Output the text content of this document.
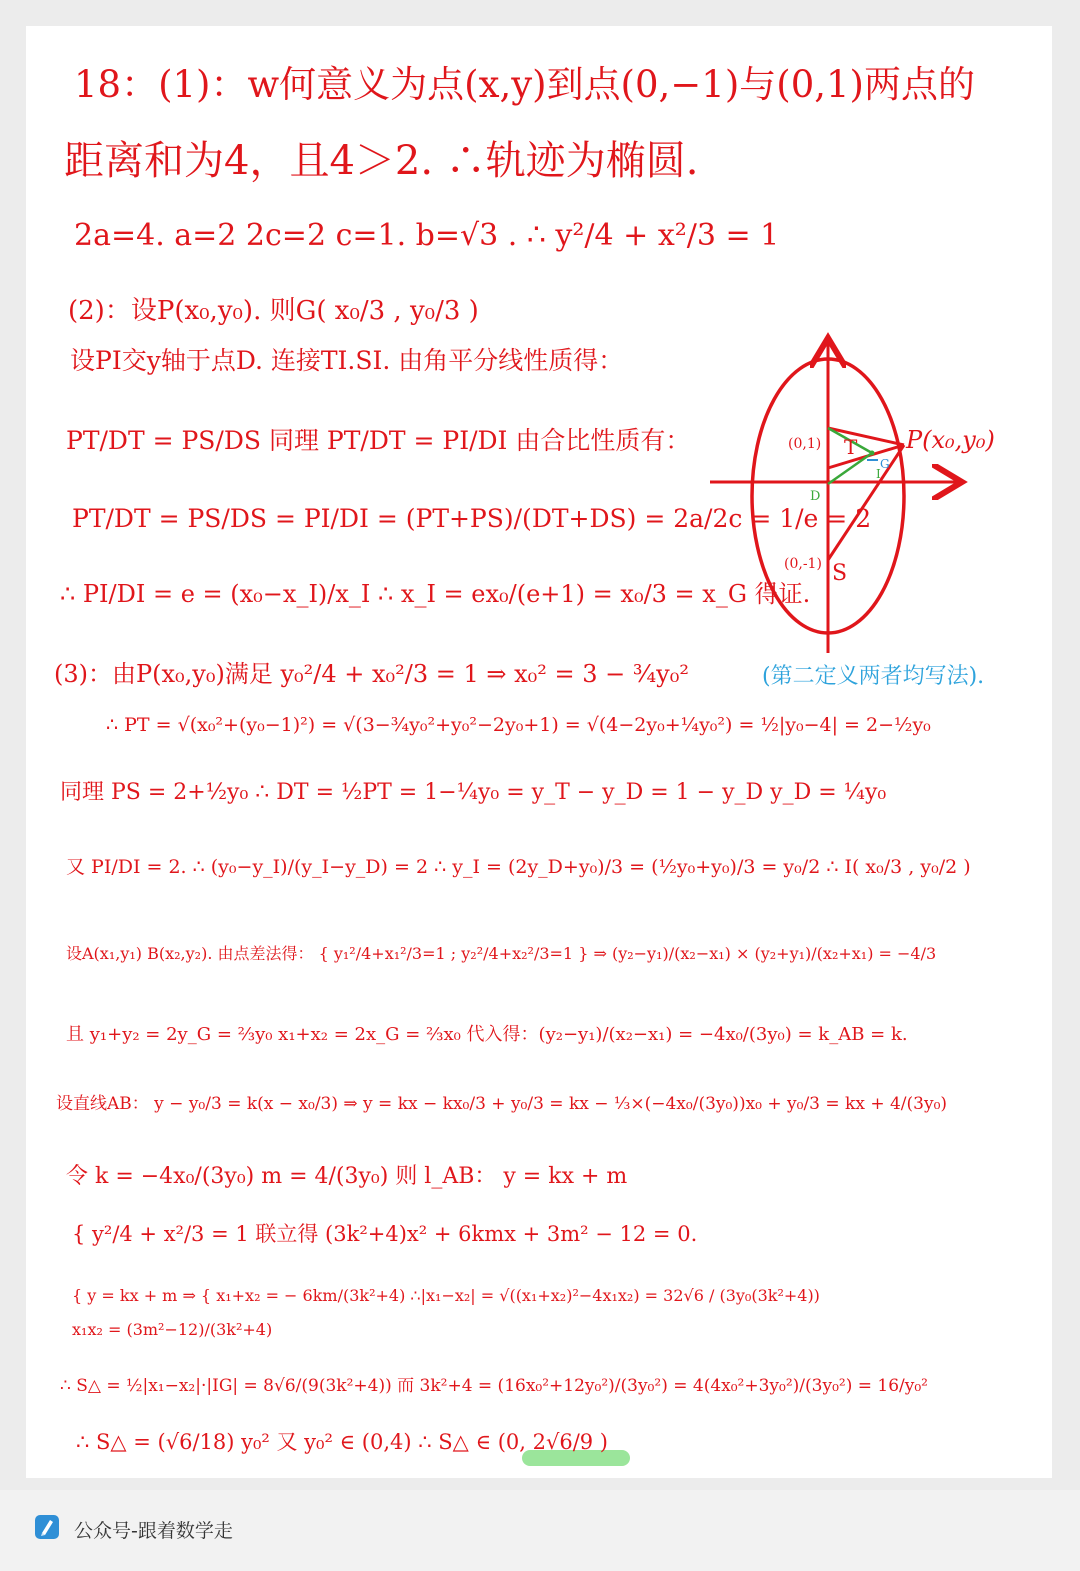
18：(1)：w何意义为点(x,y)到点(0,−1)与(0,1)两点的
距离和为4，且4＞2. ∴轨迹为椭圆.
2a=4. a=2 2c=2 c=1. b=√3 . ∴ y²/4 + x²/3 = 1
(2)：设P(x₀,y₀). 则G( x₀/3 , y₀/3 )
设PI交y轴于点D. 连接TI.SI. 由角平分线性质得：
PT/DT = PS/DS 同理 PT/DT = PI/DI 由合比性质有：
PT/DT = PS/DS = PI/DI = (PT+PS)/(DT+DS) = 2a/2c = 1/e = 2
∴ PI/DI = e = (x₀−x_I)/x_I ∴ x_I = ex₀/(e+1) = x₀/3 = x_G 得证.
(3)：由P(x₀,y₀)满足 y₀²/4 + x₀²/3 = 1 ⇒ x₀² = 3 − ¾y₀²	(第二定义两者均写法).
∴ PT = √(x₀²+(y₀−1)²) = √(3−¾y₀²+y₀²−2y₀+1) = √(4−2y₀+¼y₀²) = ½|y₀−4| = 2−½y₀
同理 PS = 2+½y₀ ∴ DT = ½PT = 1−¼y₀ = y_T − y_D = 1 − y_D y_D = ¼y₀
又 PI/DI = 2. ∴ (y₀−y_I)/(y_I−y_D) = 2 ∴ y_I = (2y_D+y₀)/3 = (½y₀+y₀)/3 = y₀/2 ∴ I( x₀/3 , y₀/2 )
设A(x₁,y₁) B(x₂,y₂). 由点差法得： { y₁²/4+x₁²/3=1 ; y₂²/4+x₂²/3=1 } ⇒ (y₂−y₁)/(x₂−x₁) × (y₂+y₁)/(x₂+x₁) = −4/3
且 y₁+y₂ = 2y_G = ⅔y₀ x₁+x₂ = 2x_G = ⅔x₀ 代入得：(y₂−y₁)/(x₂−x₁) = −4x₀/(3y₀) = k_AB = k.
设直线AB： y − y₀/3 = k(x − x₀/3) ⇒ y = kx − kx₀/3 + y₀/3 = kx − ⅓×(−4x₀/(3y₀))x₀ + y₀/3 = kx + 4/(3y₀)
令 k = −4x₀/(3y₀) m = 4/(3y₀) 则 l_AB： y = kx + m
{ y²/4 + x²/3 = 1 联立得 (3k²+4)x² + 6kmx + 3m² − 12 = 0.
{ y = kx + m ⇒ { x₁+x₂ = − 6km/(3k²+4) ∴|x₁−x₂| = √((x₁+x₂)²−4x₁x₂) = 32√6 / (3y₀(3k²+4))
x₁x₂ = (3m²−12)/(3k²+4)
∴ S△ = ½|x₁−x₂|·|IG| = 8√6/(9(3k²+4)) 而 3k²+4 = (16x₀²+12y₀²)/(3y₀²) = 4(4x₀²+3y₀²)/(3y₀²) = 16/y₀²
∴ S△ = (√6/18) y₀² 又 y₀² ∈ (0,4) ∴ S△ ∈ (0, 2√6/9 )
P(x₀,y₀)
(0,1)
(0,-1)
T
S
D
I
G
公众号-跟着数学走
